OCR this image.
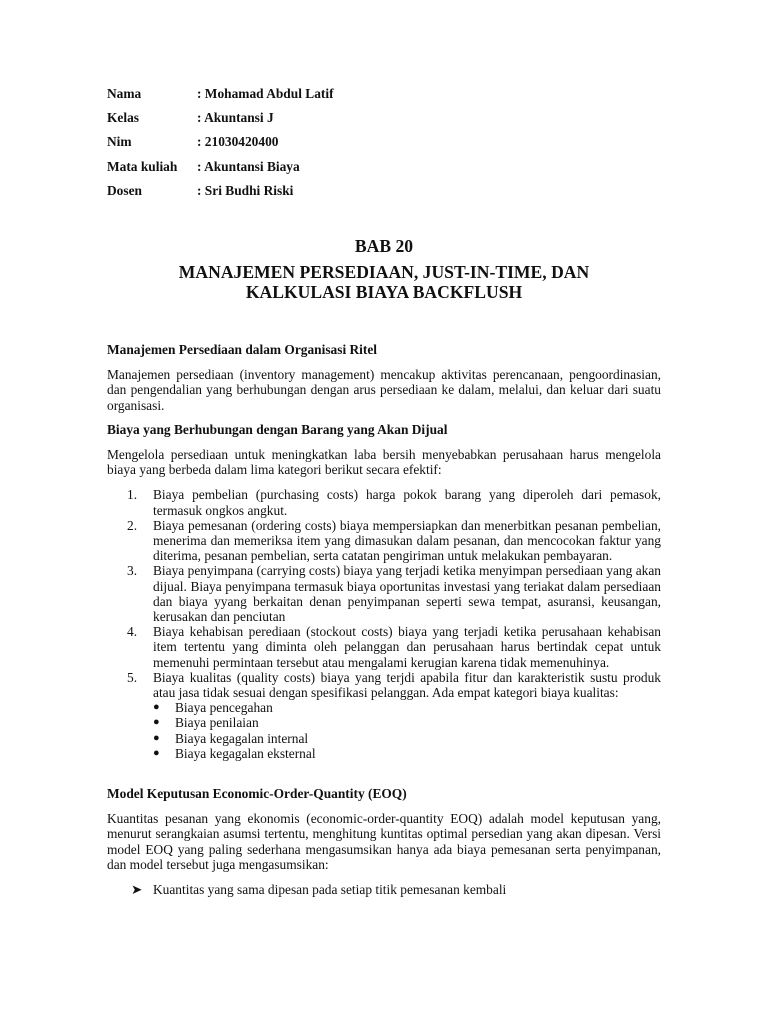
Nama	: Mohamad Abdul Latif
Kelas	: Akuntansi J
Nim	: 21030420400
Mata kuliah	: Akuntansi Biaya
Dosen	: Sri Budhi Riski
BAB 20
MANAJEMEN PERSEDIAAN, JUST-IN-TIME, DAN
KALKULASI BIAYA BACKFLUSH
Manajemen Persediaan dalam Organisasi Ritel
Manajemen persediaan (inventory management) mencakup aktivitas perencanaan, pengoordinasian, dan pengendalian yang berhubungan dengan arus persediaan ke dalam, melalui, dan keluar dari suatu organisasi.
Biaya yang Berhubungan dengan Barang yang Akan Dijual
Mengelola persediaan untuk meningkatkan laba bersih menyebabkan perusahaan harus mengelola biaya yang berbeda dalam lima kategori berikut secara efektif:
1. Biaya pembelian (purchasing costs) harga pokok barang yang diperoleh dari pemasok, termasuk ongkos angkut.
2. Biaya pemesanan (ordering costs) biaya mempersiapkan dan menerbitkan pesanan pembelian, menerima dan memeriksa item yang dimasukan dalam pesanan, dan mencocokan faktur yang diterima, pesanan pembelian, serta catatan pengiriman untuk melakukan pembayaran.
3. Biaya penyimpana (carrying costs) biaya yang terjadi ketika menyimpan persediaan yang akan dijual. Biaya penyimpana termasuk biaya oportunitas investasi yang teriakat dalam persediaan dan biaya yyang berkaitan denan penyimpanan seperti sewa tempat, asuransi, keusangan, kerusakan dan penciutan
4. Biaya kehabisan perediaan (stockout costs) biaya yang terjadi ketika perusahaan kehabisan item tertentu yang diminta oleh pelanggan dan perusahaan harus bertindak cepat untuk memenuhi permintaan tersebut atau mengalami kerugian karena tidak memenuhinya.
5. Biaya kualitas (quality costs) biaya yang terjdi apabila fitur dan karakteristik sustu produk atau jasa tidak sesuai dengan spesifikasi pelanggan. Ada empat kategori biaya kualitas:
● Biaya pencegahan
● Biaya penilaian
● Biaya kegagalan internal
● Biaya kegagalan eksternal
Model Keputusan Economic-Order-Quantity (EOQ)
Kuantitas pesanan yang ekonomis (economic-order-quantity EOQ) adalah model keputusan yang, menurut serangkaian asumsi tertentu, menghitung kuntitas optimal persedian yang akan dipesan. Versi model EOQ yang paling sederhana mengasumsikan hanya ada biaya pemesanan serta penyimpanan, dan model tersebut juga mengasumsikan:
➤ Kuantitas yang sama dipesan pada setiap titik pemesanan kembali
